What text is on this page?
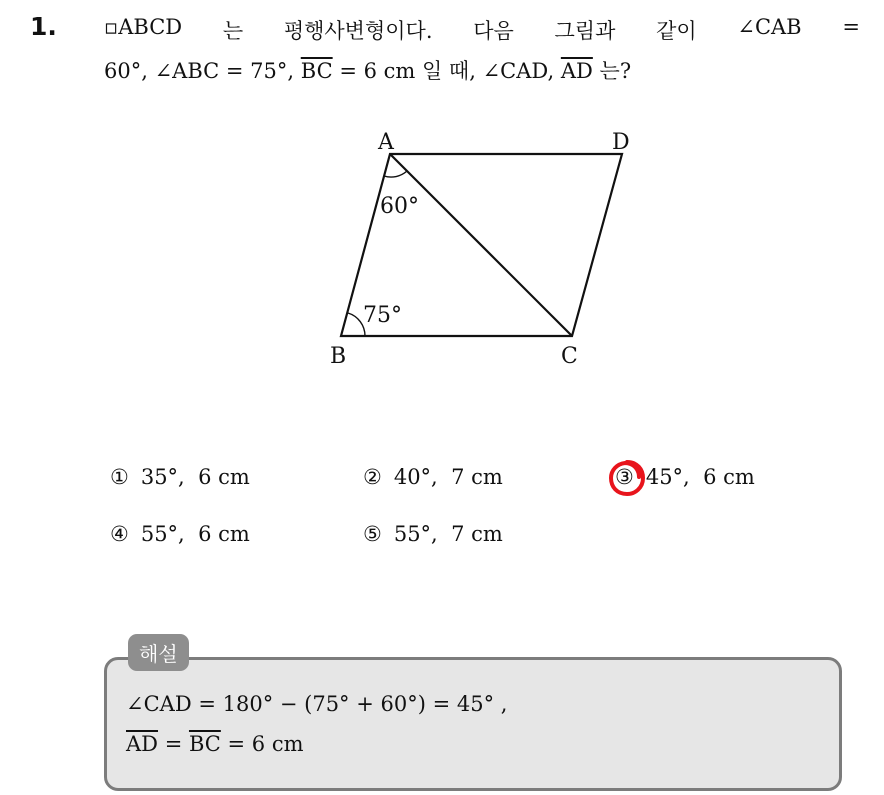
1. ▫ABCD 는 평행사변형이다. 다음 그림과 같이 ∠CAB =
60°, ∠ABC = 75°, $\overline{BC} = 6$ cm 일 때, ∠CAD, $\overline{AD}$ 는?
A	D
B	C
60°
75°
① 35°,  6 cm	② 40°,  7 cm	③ 45°,  6 cm
④ 55°,  6 cm	⑤ 55°,  7 cm
해설
∠CAD = 180° − (75° + 60°) = 45° ,
$\overline{AD} = \overline{BC} = 6$ cm
